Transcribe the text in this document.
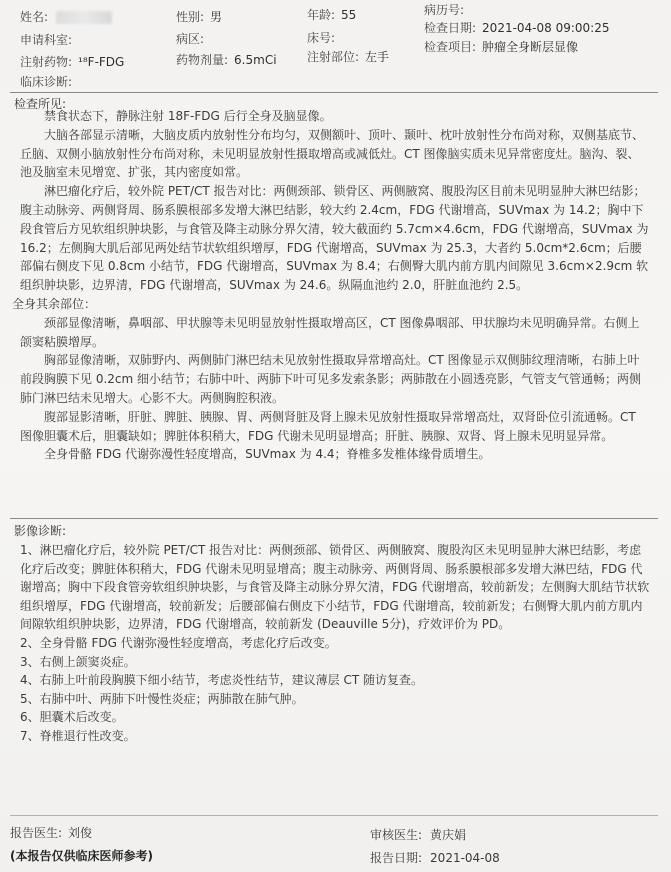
姓名:	性别: 男	年龄: 55	病历号:
申请科室:	病区:	床号:
检查日期: 2021-04-08 09:00:25
注射药物: ¹⁸F-FDG	药物剂量: 6.5mCi	注射部位: 左手
检查项目: 肿瘤全身断层显像
临床诊断:
检查所见:

禁食状态下，静脉注射 18F-FDG 后行全身及脑显像。

大脑各部显示清晰，大脑皮质内放射性分布均匀，双侧额叶、顶叶、颞叶、枕叶放射性分布尚对称，双侧基底节、丘脑、双侧小脑放射性分布尚对称，未见明显放射性摄取增高或减低灶。CT 图像脑实质未见异常密度灶。脑沟、裂、池及脑室未见增宽、扩张，其内密度如常。

淋巴瘤化疗后，较外院 PET/CT 报告对比：两侧颈部、锁骨区、两侧腋窝、腹股沟区目前未见明显肿大淋巴结影；腹主动脉旁、两侧肾周、肠系膜根部多发增大淋巴结影，较大约 2.4cm，FDG 代谢增高，SUVmax 为 14.2；胸中下段食管后方见软组织肿块影，与食管及降主动脉分界欠清，较大截面约 5.7cm×4.6cm，FDG 代谢增高，SUVmax 为 16.2；左侧胸大肌后部见两处结节状软组织增厚，FDG 代谢增高，SUVmax 为 25.3，大者约 5.0cm*2.6cm；后腰部偏右侧皮下见 0.8cm 小结节，FDG 代谢增高，SUVmax 为 8.4；右侧臀大肌内前方肌内间隙见 3.6cm×2.9cm 软组织肿块影，边界清，FDG 代谢增高，SUVmax 为 24.6。纵隔血池约 2.0，肝脏血池约 2.5。

全身其余部位：

颈部显像清晰，鼻咽部、甲状腺等未见明显放射性摄取增高区，CT 图像鼻咽部、甲状腺均未见明确异常。右侧上颌窦粘膜增厚。

胸部显像清晰，双肺野内、两侧肺门淋巴结未见放射性摄取异常增高灶。CT 图像显示双侧肺纹理清晰，右肺上叶前段胸膜下见 0.2cm 细小结节；右肺中叶、两肺下叶可见多发索条影；两肺散在小圆透亮影，气管支气管通畅；两侧肺门淋巴结未见增大。心影不大。两侧胸腔积液。

腹部显影清晰，肝脏、脾脏、胰腺、胃、两侧肾脏及肾上腺未见放射性摄取异常增高灶，双肾卧位引流通畅。CT 图像胆囊术后，胆囊缺如；脾脏体积稍大，FDG 代谢未见明显增高；肝脏、胰腺、双肾、肾上腺未见明显异常。

全身骨骼 FDG 代谢弥漫性轻度增高，SUVmax 为 4.4；脊椎多发椎体缘骨质增生。

影像诊断:

1、淋巴瘤化疗后，较外院 PET/CT 报告对比：两侧颈部、锁骨区、两侧腋窝、腹股沟区未见明显肿大淋巴结影，考虑化疗后改变；脾脏体积稍大，FDG 代谢未见明显增高；腹主动脉旁、两侧肾周、肠系膜根部多发增大淋巴结，FDG 代谢增高；胸中下段食管旁软组织肿块影，与食管及降主动脉分界欠清，FDG 代谢增高，较前新发；左侧胸大肌结节状软组织增厚，FDG 代谢增高，较前新发；后腰部偏右侧皮下小结节，FDG 代谢增高，较前新发；右侧臀大肌内前方肌内间隙软组织肿块影，边界清，FDG 代谢增高，较前新发 (Deauville 5分)，疗效评价为 PD。

2、全身骨骼 FDG 代谢弥漫性轻度增高，考虑化疗后改变。

3、右侧上颌窦炎症。

4、右肺上叶前段胸膜下细小结节，考虑炎性结节，建议薄层 CT 随访复查。

5、右肺中叶、两肺下叶慢性炎症；两肺散在肺气肿。

6、胆囊术后改变。

7、脊椎退行性改变。

报告医生: 刘俊	审核医生: 黄庆娟
(本报告仅供临床医师参考)	报告日期: 2021-04-08
